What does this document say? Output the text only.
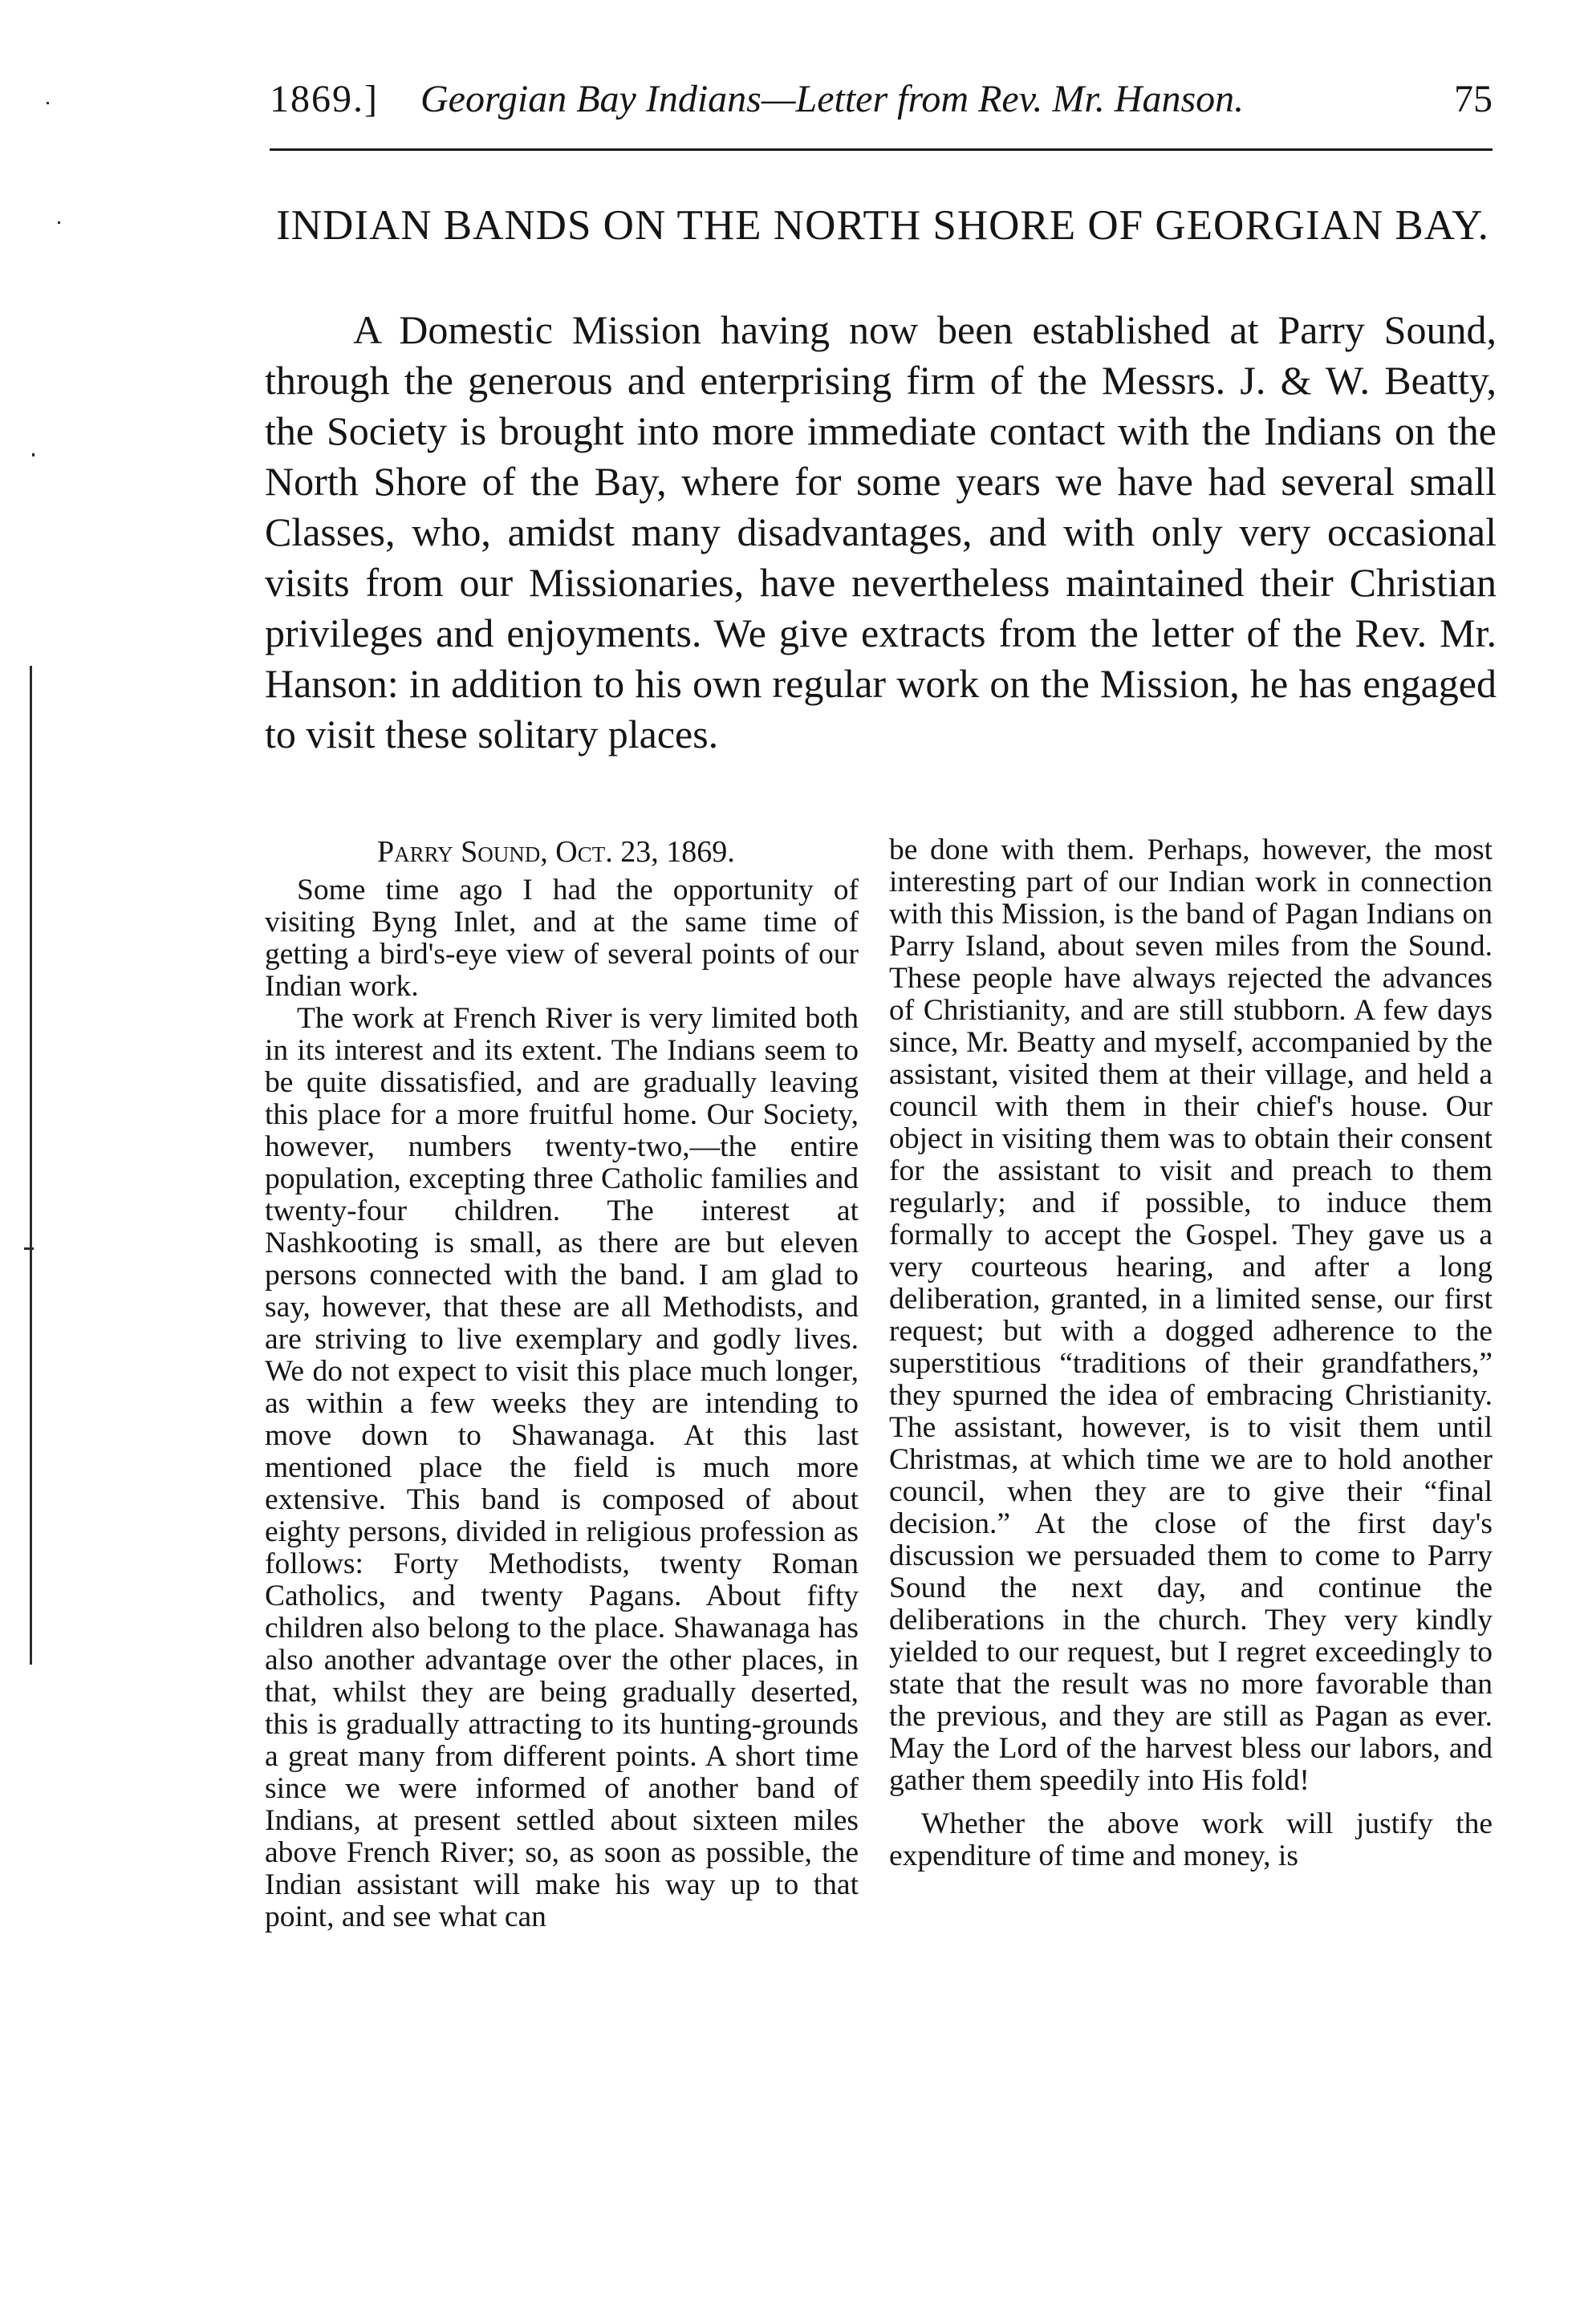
1869.] Georgian Bay Indians—Letter from Rev. Mr. Hanson.	75
INDIAN BANDS ON THE NORTH SHORE OF GEORGIAN BAY.

A Domestic Mission having now been established at Parry Sound, through the generous and enterprising firm of the Messrs. J. & W. Beatty, the Society is brought into more immediate contact with the Indians on the North Shore of the Bay, where for some years we have had several small Classes, who, amidst many disadvantages, and with only very occasional visits from our Missionaries, have nevertheless maintained their Christian privileges and enjoyments. We give extracts from the letter of the Rev. Mr. Hanson: in addition to his own regular work on the Mission, he has engaged to visit these solitary places.

Parry Sound, Oct. 23, 1869.

Some time ago I had the opportunity of visiting Byng Inlet, and at the same time of getting a bird's-eye view of several points of our Indian work.

The work at French River is very limited both in its interest and its extent. The Indians seem to be quite dissatisfied, and are gradually leaving this place for a more fruitful home. Our Society, however, numbers twenty-two,—the entire population, excepting three Catholic families and twenty-four children. The interest at Nashkooting is small, as there are but eleven persons connected with the band. I am glad to say, however, that these are all Methodists, and are striving to live exemplary and godly lives. We do not expect to visit this place much longer, as within a few weeks they are intending to move down to Shawanaga. At this last mentioned place the field is much more extensive. This band is composed of about eighty persons, divided in religious profession as follows: Forty Methodists, twenty Roman Catholics, and twenty Pagans. About fifty children also belong to the place. Shawanaga has also another advantage over the other places, in that, whilst they are being gradually deserted, this is gradually attracting to its hunting-grounds a great many from different points. A short time since we were informed of another band of Indians, at present settled about sixteen miles above French River; so, as soon as possible, the Indian assistant will make his way up to that point, and see what can

be done with them. Perhaps, however, the most interesting part of our Indian work in connection with this Mission, is the band of Pagan Indians on Parry Island, about seven miles from the Sound. These people have always rejected the advances of Christianity, and are still stubborn. A few days since, Mr. Beatty and myself, accompanied by the assistant, visited them at their village, and held a council with them in their chief's house. Our object in visiting them was to obtain their consent for the assistant to visit and preach to them regularly; and if possible, to induce them formally to accept the Gospel. They gave us a very courteous hearing, and after a long deliberation, granted, in a limited sense, our first request; but with a dogged adherence to the superstitious “traditions of their grandfathers,” they spurned the idea of embracing Christianity. The assistant, however, is to visit them until Christmas, at which time we are to hold another council, when they are to give their “final decision.” At the close of the first day's discussion we persuaded them to come to Parry Sound the next day, and continue the deliberations in the church. They very kindly yielded to our request, but I regret exceedingly to state that the result was no more favorable than the previous, and they are still as Pagan as ever. May the Lord of the harvest bless our labors, and gather them speedily into His fold!

Whether the above work will justify the expenditure of time and money, is
